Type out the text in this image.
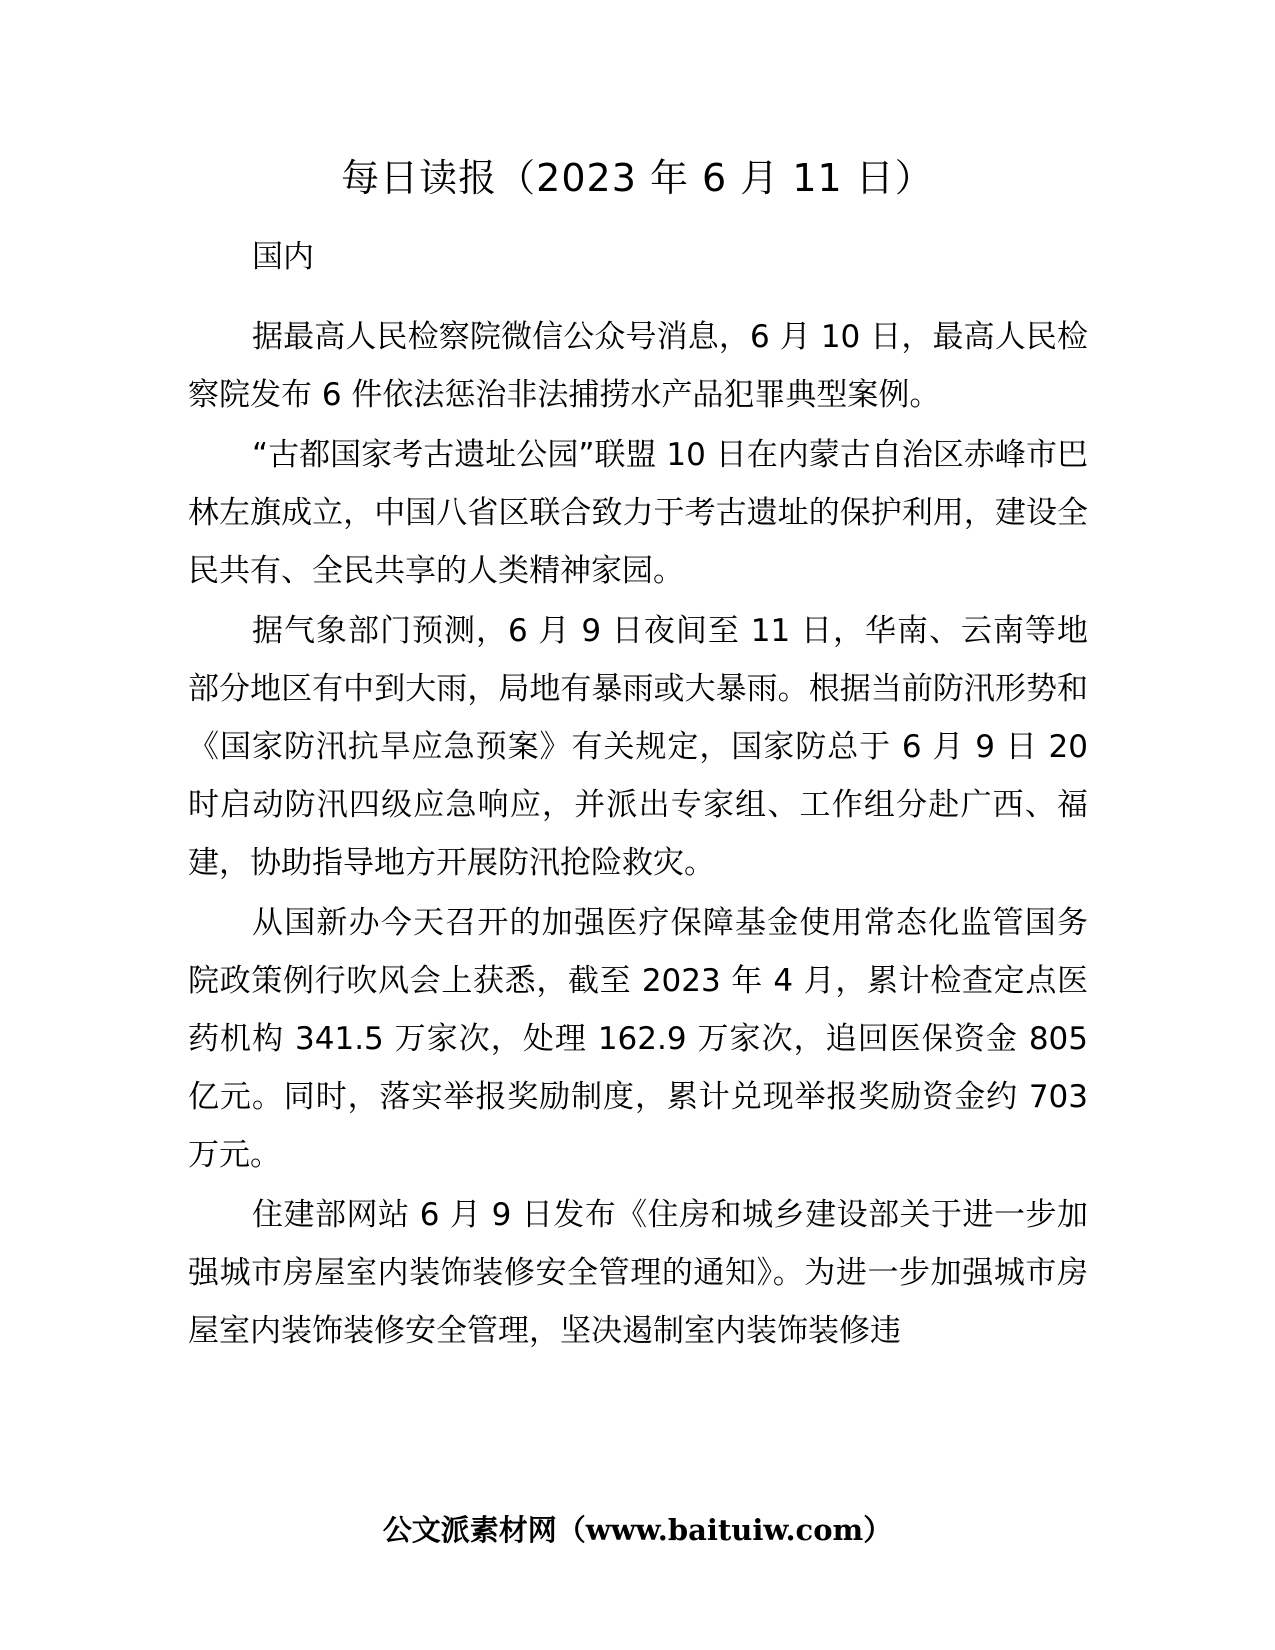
每日读报（2023 年 6 月 11 日）

国内

据最高人民检察院微信公众号消息，6 月 10 日，最高人民检察院发布 6 件依法惩治非法捕捞水产品犯罪典型案例。

“古都国家考古遗址公园”联盟 10 日在内蒙古自治区赤峰市巴林左旗成立，中国八省区联合致力于考古遗址的保护利用，建设全民共有、全民共享的人类精神家园。

据气象部门预测，6 月 9 日夜间至 11 日，华南、云南等地部分地区有中到大雨，局地有暴雨或大暴雨。根据当前防汛形势和《国家防汛抗旱应急预案》有关规定，国家防总于 6 月 9 日 20 时启动防汛四级应急响应，并派出专家组、工作组分赴广西、福建，协助指导地方开展防汛抢险救灾。

从国新办今天召开的加强医疗保障基金使用常态化监管国务院政策例行吹风会上获悉，截至 2023 年 4 月，累计检查定点医药机构 341.5 万家次，处理 162.9 万家次，追回医保资金 805 亿元。同时，落实举报奖励制度，累计兑现举报奖励资金约 703 万元。

住建部网站 6 月 9 日发布《住房和城乡建设部关于进一步加强城市房屋室内装饰装修安全管理的通知》。为进一步加强城市房屋室内装饰装修安全管理，坚决遏制室内装饰装修违

公文派素材网（www.baituiw.com）
